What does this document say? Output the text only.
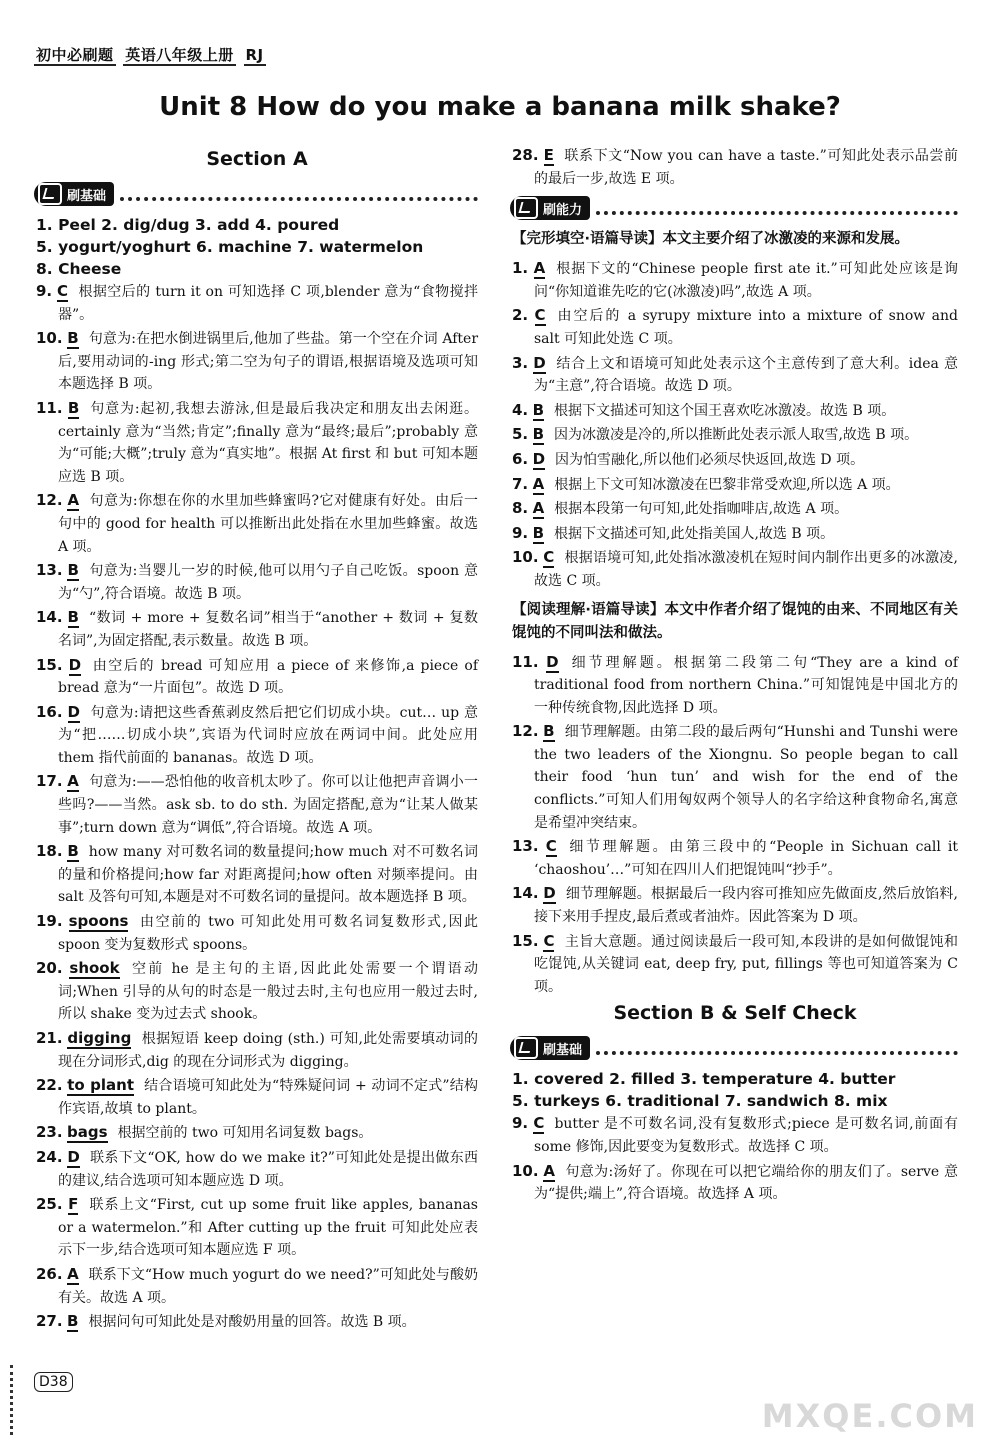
初中必刷题 英语八年级上册 RJ
Unit 8 How do you make a banana milk shake?
Section A
刷基础
1. Peel 2. dig/dug 3. add 4. poured
5. yogurt/yoghurt 6. machine 7. watermelon
8. Cheese
9. C 根据空后的 turn it on 可知选择 C 项,blender 意为“食物搅拌器”。
10. B 句意为:在把水倒进锅里后,他加了些盐。第一个空在介词 After 后,要用动词的-ing 形式;第二空为句子的谓语,根据语境及选项可知本题选择 B 项。
11. B 句意为:起初,我想去游泳,但是最后我决定和朋友出去闲逛。certainly 意为“当然;肯定”;finally 意为“最终;最后”;probably 意为“可能;大概”;truly 意为“真实地”。根据 At first 和 but 可知本题应选 B 项。
12. A 句意为:你想在你的水里加些蜂蜜吗?它对健康有好处。由后一句中的 good for health 可以推断出此处指在水里加些蜂蜜。故选 A 项。
13. B 句意为:当婴儿一岁的时候,他可以用勺子自己吃饭。spoon 意为“勺”,符合语境。故选 B 项。
14. B “数词 + more + 复数名词”相当于“another + 数词 + 复数名词”,为固定搭配,表示数量。故选 B 项。
15. D 由空后的 bread 可知应用 a piece of 来修饰,a piece of bread 意为“一片面包”。故选 D 项。
16. D 句意为:请把这些香蕉剥皮然后把它们切成小块。cut… up 意为“把……切成小块”,宾语为代词时应放在两词中间。此处应用 them 指代前面的 bananas。故选 D 项。
17. A 句意为:——恐怕他的收音机太吵了。你可以让他把声音调小一些吗?——当然。ask sb. to do sth. 为固定搭配,意为“让某人做某事”;turn down 意为“调低”,符合语境。故选 A 项。
18. B how many 对可数名词的数量提问;how much 对不可数名词的量和价格提问;how far 对距离提问;how often 对频率提问。由 salt 及答句可知,本题是对不可数名词的量提问。故本题选择 B 项。
19. spoons 由空前的 two 可知此处用可数名词复数形式,因此 spoon 变为复数形式 spoons。
20. shook 空前 he 是主句的主语,因此此处需要一个谓语动词;When 引导的从句的时态是一般过去时,主句也应用一般过去时,所以 shake 变为过去式 shook。
21. digging 根据短语 keep doing (sth.) 可知,此处需要填动词的现在分词形式,dig 的现在分词形式为 digging。
22. to plant 结合语境可知此处为“特殊疑问词 + 动词不定式”结构作宾语,故填 to plant。
23. bags 根据空前的 two 可知用名词复数 bags。
24. D 联系下文“OK, how do we make it?”可知此处是提出做东西的建议,结合选项可知本题应选 D 项。
25. F 联系上文“First, cut up some fruit like apples, bananas or a watermelon.”和 After cutting up the fruit 可知此处应表示下一步,结合选项可知本题应选 F 项。
26. A 联系下文“How much yogurt do we need?”可知此处与酸奶有关。故选 A 项。
27. B 根据问句可知此处是对酸奶用量的回答。故选 B 项。
28. E 联系下文“Now you can have a taste.”可知此处表示品尝前的最后一步,故选 E 项。
刷能力
【完形填空·语篇导读】本文主要介绍了冰激凌的来源和发展。
1. A 根据下文的“Chinese people first ate it.”可知此处应该是询问“你知道谁先吃的它(冰激凌)吗”,故选 A 项。
2. C 由空后的 a syrupy mixture into a mixture of snow and salt 可知此处选 C 项。
3. D 结合上文和语境可知此处表示这个主意传到了意大利。idea 意为“主意”,符合语境。故选 D 项。
4. B 根据下文描述可知这个国王喜欢吃冰激凌。故选 B 项。
5. B 因为冰激凌是冷的,所以推断此处表示派人取雪,故选 B 项。
6. D 因为怕雪融化,所以他们必须尽快返回,故选 D 项。
7. A 根据上下文可知冰激凌在巴黎非常受欢迎,所以选 A 项。
8. A 根据本段第一句可知,此处指咖啡店,故选 A 项。
9. B 根据下文描述可知,此处指美国人,故选 B 项。
10. C 根据语境可知,此处指冰激凌机在短时间内制作出更多的冰激凌,故选 C 项。
【阅读理解·语篇导读】本文中作者介绍了馄饨的由来、不同地区有关馄饨的不同叫法和做法。
11. D 细节理解题。根据第二段第二句“They are a kind of traditional food from northern China.”可知馄饨是中国北方的一种传统食物,因此选择 D 项。
12. B 细节理解题。由第二段的最后两句“Hunshi and Tunshi were the two leaders of the Xiongnu. So people began to call their food ‘hun tun’ and wish for the end of the conflicts.”可知人们用匈奴两个领导人的名字给这种食物命名,寓意是希望冲突结束。
13. C 细节理解题。由第三段中的“People in Sichuan call it ‘chaoshou’…”可知在四川人们把馄饨叫“抄手”。
14. D 细节理解题。根据最后一段内容可推知应先做面皮,然后放馅料,接下来用手捏皮,最后煮或者油炸。因此答案为 D 项。
15. C 主旨大意题。通过阅读最后一段可知,本段讲的是如何做馄饨和吃馄饨,从关键词 eat, deep fry, put, fillings 等也可知道答案为 C 项。
Section B & Self Check
刷基础
1. covered 2. filled 3. temperature 4. butter
5. turkeys 6. traditional 7. sandwich 8. mix
9. C butter 是不可数名词,没有复数形式;piece 是可数名词,前面有 some 修饰,因此要变为复数形式。故选择 C 项。
10. A 句意为:汤好了。你现在可以把它端给你的朋友们了。serve 意为“提供;端上”,符合语境。故选择 A 项。
D38
MXQE.COM
